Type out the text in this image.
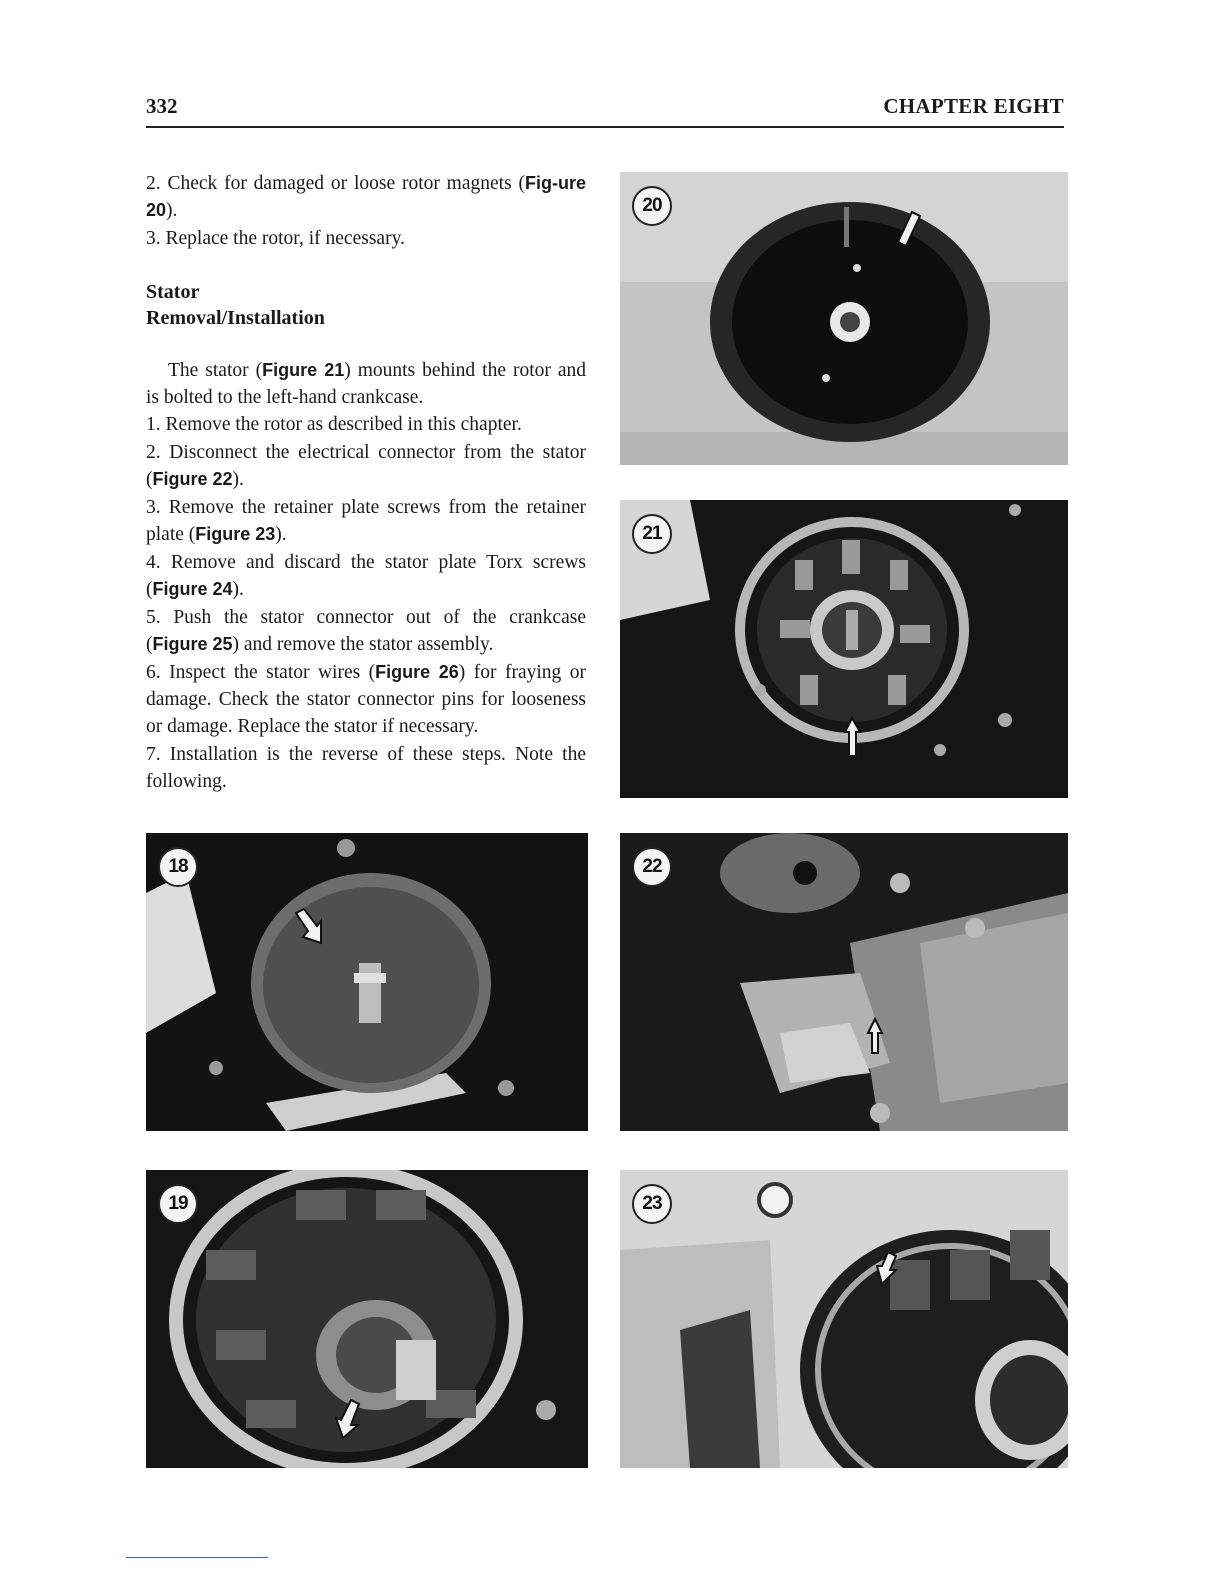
332	CHAPTER EIGHT

2. Check for damaged or loose rotor magnets (Fig-ure 20).

3. Replace the rotor, if necessary.

Stator
Removal/Installation

The stator (Figure 21) mounts behind the rotor and is bolted to the left-hand crankcase.

1. Remove the rotor as described in this chapter.

2. Disconnect the electrical connector from the stator (Figure 22).

3. Remove the retainer plate screws from the retainer plate (Figure 23).

4. Remove and discard the stator plate Torx screws (Figure 24).

5. Push the stator connector out of the crankcase (Figure 25) and remove the stator assembly.

6. Inspect the stator wires (Figure 26) for fraying or damage. Check the stator connector pins for looseness or damage. Replace the stator if necessary.

7. Installation is the reverse of these steps. Note the following.

20
21
18	22
19	23
